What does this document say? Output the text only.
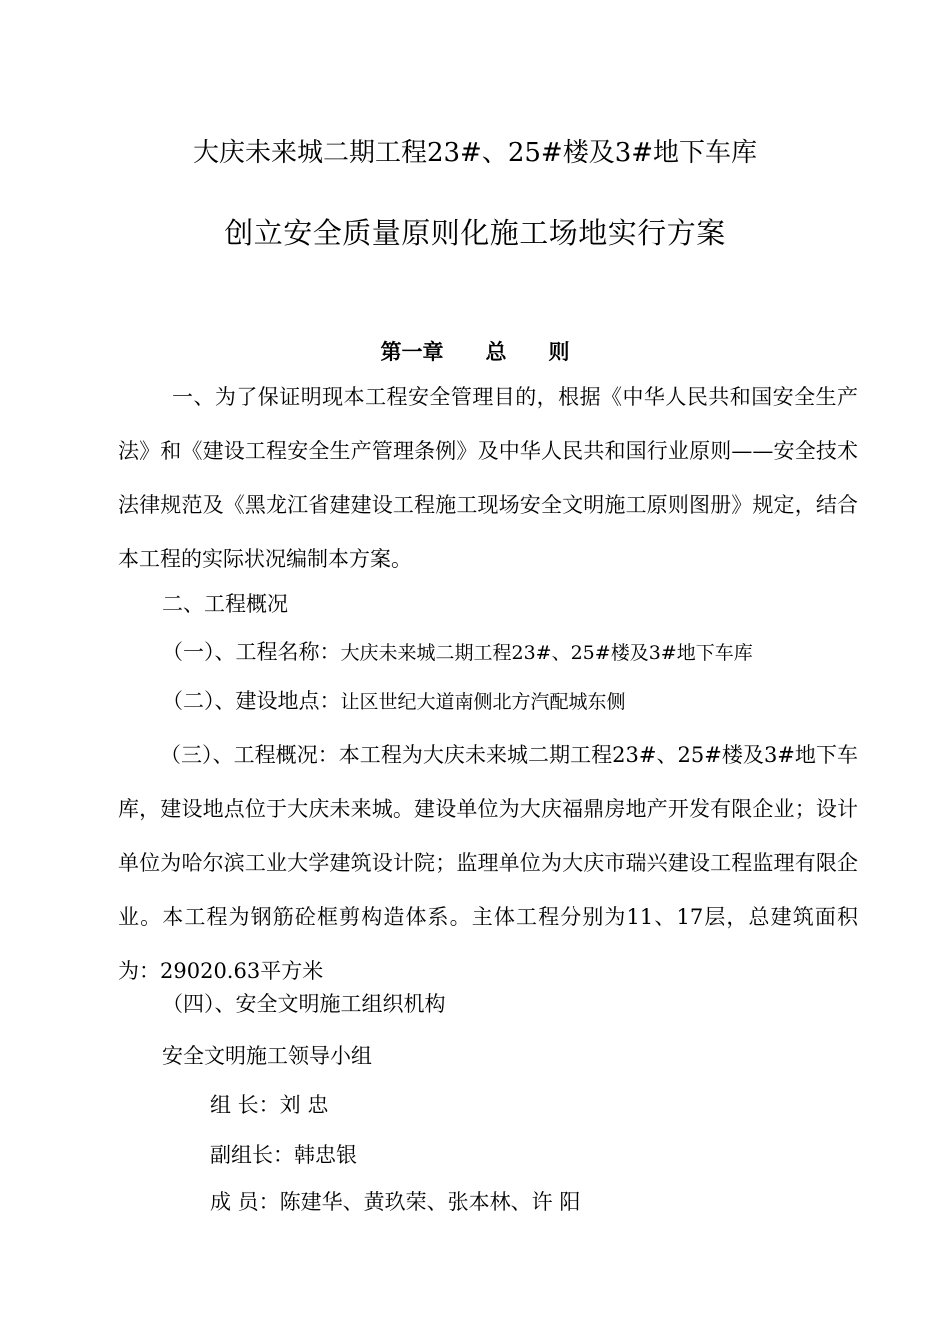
大庆未来城二期工程23#、25#楼及3#地下车库
创立安全质量原则化施工场地实行方案
第一章　　总　　则
一、为了保证明现本工程安全管理目的，根据《中华人民共和国安全生产法》和《建设工程安全生产管理条例》及中华人民共和国行业原则——安全技术法律规范及《黑龙江省建建设工程施工现场安全文明施工原则图册》规定，结合本工程的实际状况编制本方案。
二、工程概况
（一）、工程名称：大庆未来城二期工程23#、25#楼及3#地下车库
（二）、建设地点：让区世纪大道南侧北方汽配城东侧
（三）、工程概况：本工程为大庆未来城二期工程23#、25#楼及3#地下车库，建设地点位于大庆未来城。建设单位为大庆福鼎房地产开发有限企业；设计单位为哈尔滨工业大学建筑设计院；监理单位为大庆市瑞兴建设工程监理有限企业。本工程为钢筋砼框剪构造体系。主体工程分别为11、17层，总建筑面积为：29020.63平方米
（四）、安全文明施工组织机构
安全文明施工领导小组
组 长：刘 忠
副组长：韩忠银
成 员：陈建华、黄玖荣、张本林、许 阳
